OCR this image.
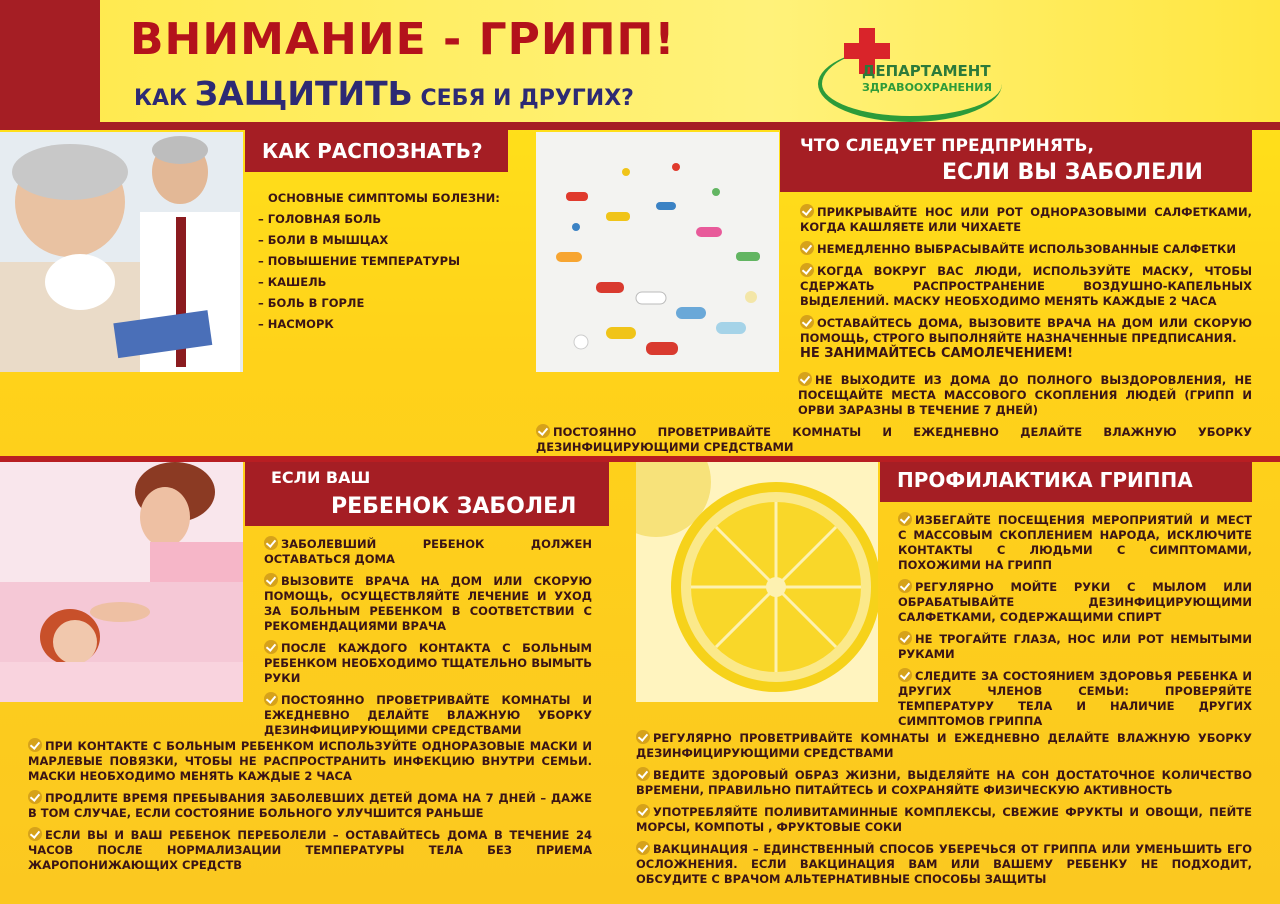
ВНИМАНИЕ - ГРИПП!
КАК ЗАЩИТИТЬ СЕБЯ И ДРУГИХ?
ДЕПАРТАМЕНТ
ЗДРАВООХРАНЕНИЯ
КАК РАСПОЗНАТЬ?
ОСНОВНЫЕ СИМПТОМЫ БОЛЕЗНИ:
– ГОЛОВНАЯ БОЛЬ
– БОЛИ В МЫШЦАХ
– ПОВЫШЕНИЕ ТЕМПЕРАТУРЫ
– КАШЕЛЬ
– БОЛЬ В ГОРЛЕ
– НАСМОРК
ЧТО СЛЕДУЕТ ПРЕДПРИНЯТЬ,
ЕСЛИ ВЫ ЗАБОЛЕЛИ
ПРИКРЫВАЙТЕ НОС ИЛИ РОТ ОДНОРАЗОВЫМИ САЛФЕТКАМИ, КОГДА КАШЛЯЕТЕ ИЛИ ЧИХАЕТЕ
НЕМЕДЛЕННО ВЫБРАСЫВАЙТЕ ИСПОЛЬЗОВАННЫЕ САЛФЕТКИ
КОГДА ВОКРУГ ВАС ЛЮДИ, ИСПОЛЬЗУЙТЕ МАСКУ, ЧТОБЫ СДЕРЖАТЬ РАСПРОСТРАНЕНИЕ ВОЗДУШНО-КАПЕЛЬНЫХ ВЫДЕЛЕНИЙ. МАСКУ НЕОБХОДИМО МЕНЯТЬ КАЖДЫЕ 2 ЧАСА
ОСТАВАЙТЕСЬ ДОМА, ВЫЗОВИТЕ ВРАЧА НА ДОМ ИЛИ СКОРУЮ ПОМОЩЬ, СТРОГО ВЫПОЛНЯЙТЕ НАЗНАЧЕННЫЕ ПРЕДПИСАНИЯ.
НЕ ЗАНИМАЙТЕСЬ САМОЛЕЧЕНИЕМ!
НЕ ВЫХОДИТЕ ИЗ ДОМА ДО ПОЛНОГО ВЫЗДОРОВЛЕНИЯ, НЕ ПОСЕЩАЙТЕ МЕСТА МАССОВОГО СКОПЛЕНИЯ ЛЮДЕЙ (ГРИПП И ОРВИ ЗАРАЗНЫ В ТЕЧЕНИЕ 7 ДНЕЙ)
ПОСТОЯННО ПРОВЕТРИВАЙТЕ КОМНАТЫ И ЕЖЕДНЕВНО ДЕЛАЙТЕ ВЛАЖНУЮ УБОРКУ ДЕЗИНФИЦИРУЮЩИМИ СРЕДСТВАМИ
ЕСЛИ ВАШ
РЕБЕНОК ЗАБОЛЕЛ
ЗАБОЛЕВШИЙ РЕБЕНОК ДОЛЖЕН ОСТАВАТЬСЯ ДОМА
ВЫЗОВИТЕ ВРАЧА НА ДОМ ИЛИ СКОРУЮ ПОМОЩЬ, ОСУЩЕСТВЛЯЙТЕ ЛЕЧЕНИЕ И УХОД ЗА БОЛЬНЫМ РЕБЕНКОМ В СООТВЕТСТВИИ С РЕКОМЕНДАЦИЯМИ ВРАЧА
ПОСЛЕ КАЖДОГО КОНТАКТА С БОЛЬНЫМ РЕБЕНКОМ НЕОБХОДИМО ТЩАТЕЛЬНО ВЫМЫТЬ РУКИ
ПОСТОЯННО ПРОВЕТРИВАЙТЕ КОМНАТЫ И ЕЖЕДНЕВНО ДЕЛАЙТЕ ВЛАЖНУЮ УБОРКУ ДЕЗИНФИЦИРУЮЩИМИ СРЕДСТВАМИ
ПРИ КОНТАКТЕ С БОЛЬНЫМ РЕБЕНКОМ ИСПОЛЬЗУЙТЕ ОДНОРАЗОВЫЕ МАСКИ И МАРЛЕВЫЕ ПОВЯЗКИ, ЧТОБЫ НЕ РАСПРОСТРАНИТЬ ИНФЕКЦИЮ ВНУТРИ СЕМЬИ. МАСКИ НЕОБХОДИМО МЕНЯТЬ КАЖДЫЕ 2 ЧАСА
ПРОДЛИТЕ ВРЕМЯ ПРЕБЫВАНИЯ ЗАБОЛЕВШИХ ДЕТЕЙ ДОМА НА 7 ДНЕЙ – ДАЖЕ В ТОМ СЛУЧАЕ, ЕСЛИ СОСТОЯНИЕ БОЛЬНОГО УЛУЧШИТСЯ РАНЬШЕ
ЕСЛИ ВЫ И ВАШ РЕБЕНОК ПЕРЕБОЛЕЛИ – ОСТАВАЙТЕСЬ ДОМА В ТЕЧЕНИЕ 24 ЧАСОВ ПОСЛЕ НОРМАЛИЗАЦИИ ТЕМПЕРАТУРЫ ТЕЛА БЕЗ ПРИЕМА ЖАРОПОНИЖАЮЩИХ СРЕДСТВ
ПРОФИЛАКТИКА ГРИППА
ИЗБЕГАЙТЕ ПОСЕЩЕНИЯ МЕРОПРИЯТИЙ И МЕСТ С МАССОВЫМ СКОПЛЕНИЕМ НАРОДА, ИСКЛЮЧИТЕ КОНТАКТЫ С ЛЮДЬМИ С СИМПТОМАМИ, ПОХОЖИМИ НА ГРИПП
РЕГУЛЯРНО МОЙТЕ РУКИ С МЫЛОМ ИЛИ ОБРАБАТЫВАЙТЕ ДЕЗИНФИЦИРУЮЩИМИ САЛФЕТКАМИ, СОДЕРЖАЩИМИ СПИРТ
НЕ ТРОГАЙТЕ ГЛАЗА, НОС ИЛИ РОТ НЕМЫТЫМИ РУКАМИ
СЛЕДИТЕ ЗА СОСТОЯНИЕМ ЗДОРОВЬЯ РЕБЕНКА И ДРУГИХ ЧЛЕНОВ СЕМЬИ: ПРОВЕРЯЙТЕ ТЕМПЕРАТУРУ ТЕЛА И НАЛИЧИЕ ДРУГИХ СИМПТОМОВ ГРИППА
РЕГУЛЯРНО ПРОВЕТРИВАЙТЕ КОМНАТЫ И ЕЖЕДНЕВНО ДЕЛАЙТЕ ВЛАЖНУЮ УБОРКУ ДЕЗИНФИЦИРУЮЩИМИ СРЕДСТВАМИ
ВЕДИТЕ ЗДОРОВЫЙ ОБРАЗ ЖИЗНИ, ВЫДЕЛЯЙТЕ НА СОН ДОСТАТОЧНОЕ КОЛИЧЕСТВО ВРЕМЕНИ, ПРАВИЛЬНО ПИТАЙТЕСЬ И СОХРАНЯЙТЕ ФИЗИЧЕСКУЮ АКТИВНОСТЬ
УПОТРЕБЛЯЙТЕ ПОЛИВИТАМИННЫЕ КОМПЛЕКСЫ, СВЕЖИЕ ФРУКТЫ И ОВОЩИ, ПЕЙТЕ МОРСЫ, КОМПОТЫ , ФРУКТОВЫЕ СОКИ
ВАКЦИНАЦИЯ – ЕДИНСТВЕННЫЙ СПОСОБ УБЕРЕЧЬСЯ ОТ ГРИППА ИЛИ УМЕНЬШИТЬ ЕГО ОСЛОЖНЕНИЯ. ЕСЛИ ВАКЦИНАЦИЯ ВАМ ИЛИ ВАШЕМУ РЕБЕНКУ НЕ ПОДХОДИТ, ОБСУДИТЕ С ВРАЧОМ АЛЬТЕРНАТИВНЫЕ СПОСОБЫ ЗАЩИТЫ
